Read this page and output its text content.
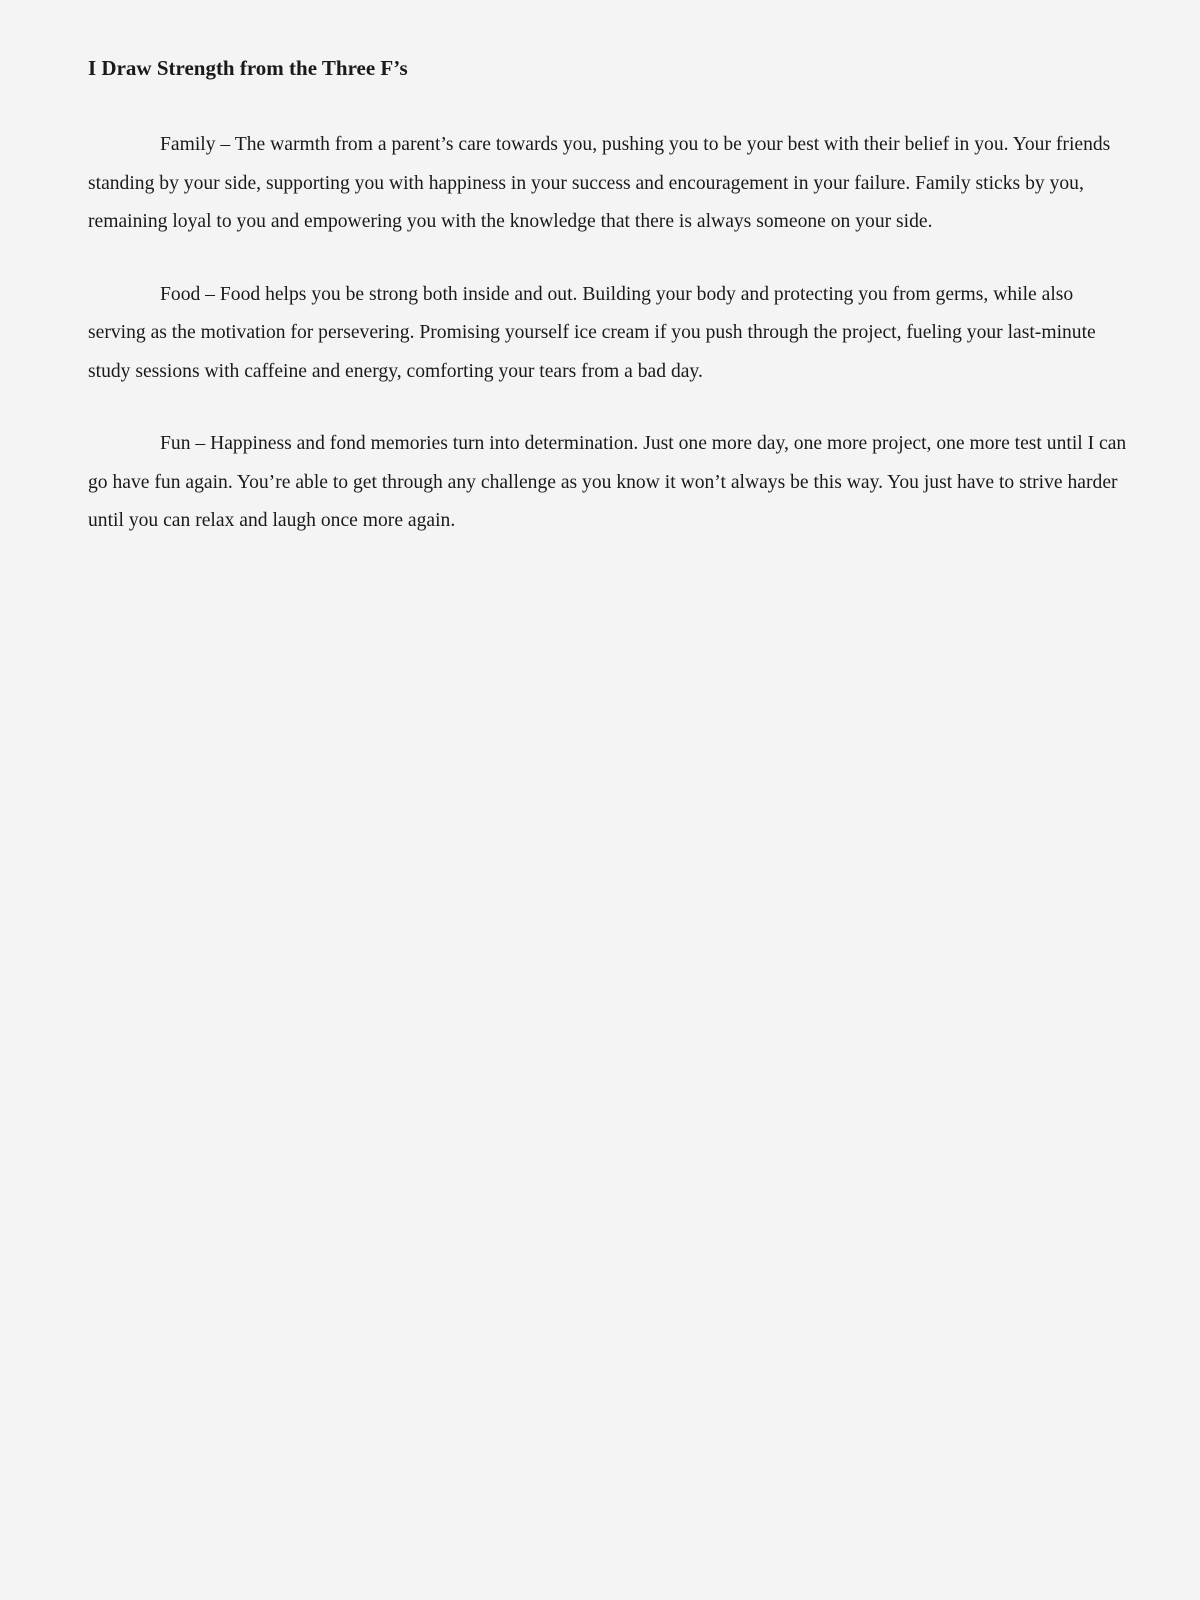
I Draw Strength from the Three F’s

Family – The warmth from a parent’s care towards you, pushing you to be your best with their belief in you. Your friends standing by your side, supporting you with happiness in your success and encouragement in your failure. Family sticks by you, remaining loyal to you and empowering you with the knowledge that there is always someone on your side.

Food – Food helps you be strong both inside and out. Building your body and protecting you from germs, while also serving as the motivation for persevering. Promising yourself ice cream if you push through the project, fueling your last-minute study sessions with caffeine and energy, comforting your tears from a bad day.

Fun – Happiness and fond memories turn into determination. Just one more day, one more project, one more test until I can go have fun again. You’re able to get through any challenge as you know it won’t always be this way. You just have to strive harder until you can relax and laugh once more again.
